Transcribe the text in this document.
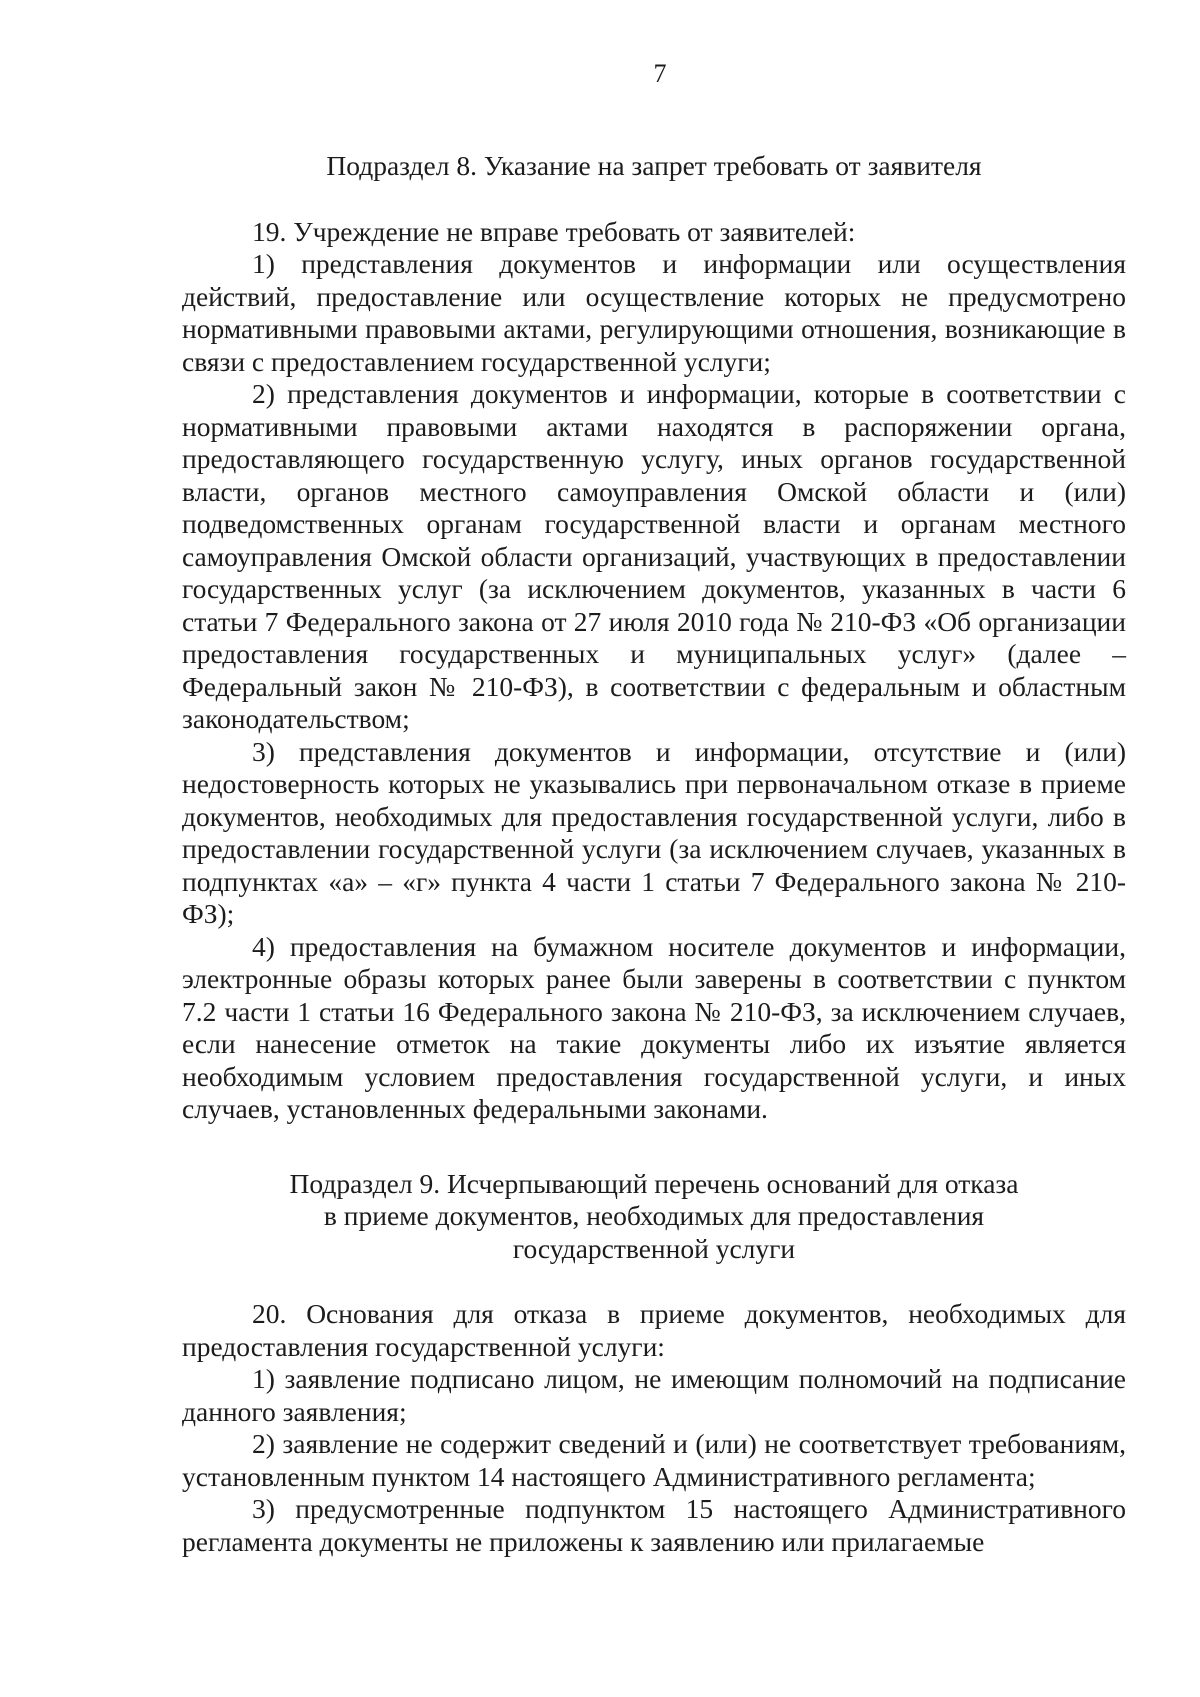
7
Подраздел 8. Указание на запрет требовать от заявителя

19. Учреждение не вправе требовать от заявителей:

1) представления документов и информации или осуществления действий, предоставление или осуществление которых не предусмотрено нормативными правовыми актами, регулирующими отношения, возникающие в связи с предоставлением государственной услуги;

2) представления документов и информации, которые в соответствии с нормативными правовыми актами находятся в распоряжении органа, предоставляющего государственную услугу, иных органов государственной власти, органов местного самоуправления Омской области и (или) подведомственных органам государственной власти и органам местного самоуправления Омской области организаций, участвующих в предоставлении государственных услуг (за исключением документов, указанных в части 6 статьи 7 Федерального закона от 27 июля 2010 года № 210-ФЗ «Об организации предоставления государственных и муниципальных услуг» (далее – Федеральный закон № 210-ФЗ), в соответствии с федеральным и областным законодательством;

3) представления документов и информации, отсутствие и (или) недостоверность которых не указывались при первоначальном отказе в приеме документов, необходимых для предоставления государственной услуги, либо в предоставлении государственной услуги (за исключением случаев, указанных в подпунктах «а» – «г» пункта 4 части 1 статьи 7 Федерального закона № 210-ФЗ);

4) предоставления на бумажном носителе документов и информации, электронные образы которых ранее были заверены в соответствии с пунктом 7.2 части 1 статьи 16 Федерального закона № 210-ФЗ, за исключением случаев, если нанесение отметок на такие документы либо их изъятие является необходимым условием предоставления государственной услуги, и иных случаев, установленных федеральными законами.

Подраздел 9. Исчерпывающий перечень оснований для отказа
в приеме документов, необходимых для предоставления
государственной услуги

20. Основания для отказа в приеме документов, необходимых для предоставления государственной услуги:

1) заявление подписано лицом, не имеющим полномочий на подписание данного заявления;

2) заявление не содержит сведений и (или) не соответствует требованиям, установленным пунктом 14 настоящего Административного регламента;

3) предусмотренные подпунктом 15 настоящего Административного регламента документы не приложены к заявлению или прилагаемые
